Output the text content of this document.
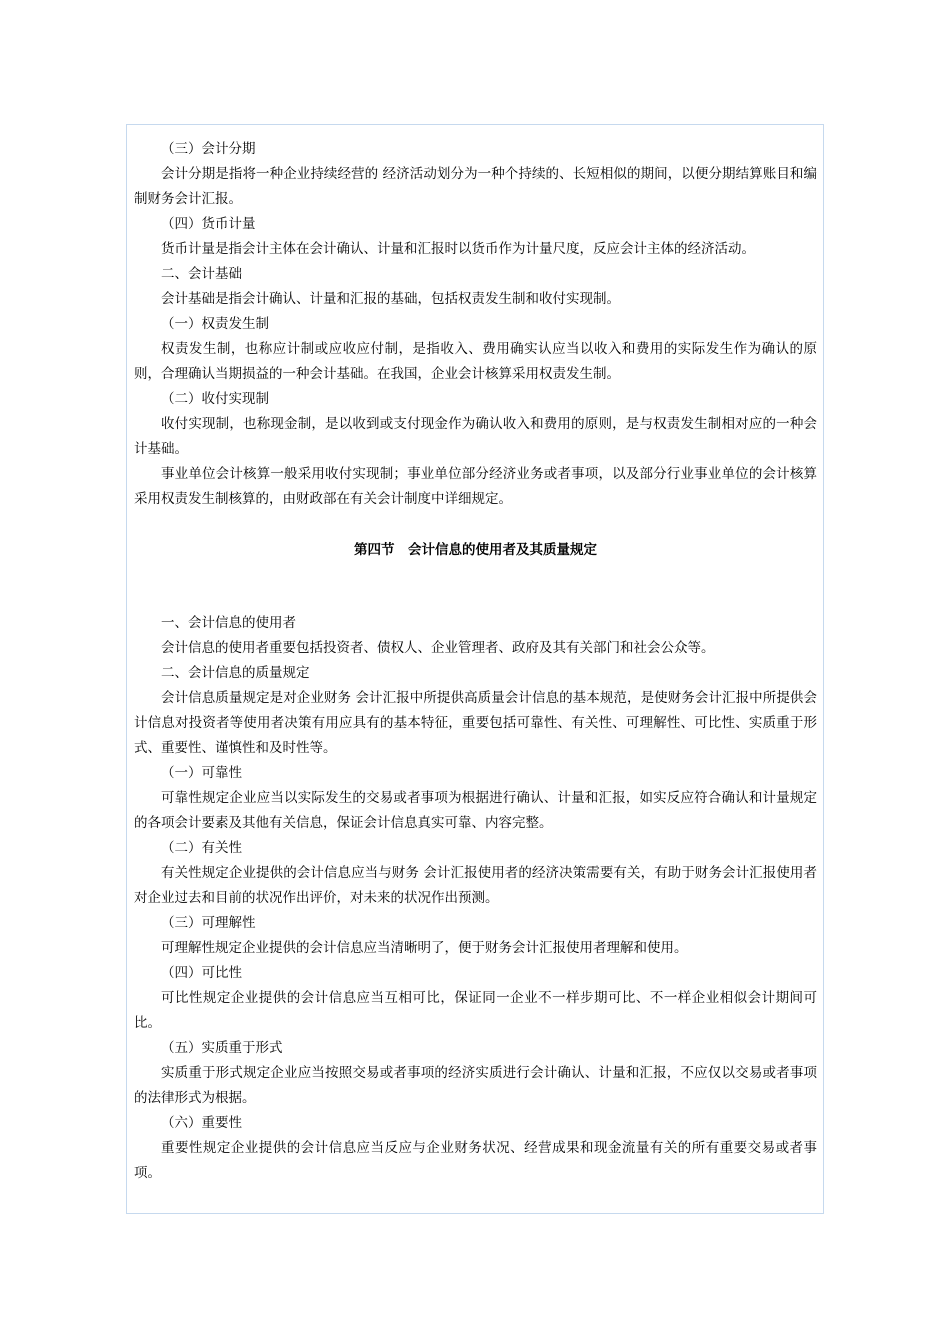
（三）会计分期

会计分期是指将一种企业持续经营的 经济活动划分为一种个持续的、长短相似的期间，以便分期结算账目和编制财务会计汇报。

（四）货币计量

货币计量是指会计主体在会计确认、计量和汇报时以货币作为计量尺度，反应会计主体的经济活动。

二、会计基础

会计基础是指会计确认、计量和汇报的基础，包括权责发生制和收付实现制。

（一）权责发生制

权责发生制，也称应计制或应收应付制，是指收入、费用确实认应当以收入和费用的实际发生作为确认的原则，合理确认当期损益的一种会计基础。在我国，企业会计核算采用权责发生制。

（二）收付实现制

收付实现制，也称现金制，是以收到或支付现金作为确认收入和费用的原则，是与权责发生制相对应的一种会计基础。

事业单位会计核算一般采用收付实现制；事业单位部分经济业务或者事项，以及部分行业事业单位的会计核算采用权责发生制核算的，由财政部在有关会计制度中详细规定。

第四节　会计信息的使用者及其质量规定

一、会计信息的使用者

会计信息的使用者重要包括投资者、债权人、企业管理者、政府及其有关部门和社会公众等。

二、会计信息的质量规定

会计信息质量规定是对企业财务 会计汇报中所提供高质量会计信息的基本规范，是使财务会计汇报中所提供会计信息对投资者等使用者决策有用应具有的基本特征，重要包括可靠性、有关性、可理解性、可比性、实质重于形式、重要性、谨慎性和及时性等。

（一）可靠性

可靠性规定企业应当以实际发生的交易或者事项为根据进行确认、计量和汇报，如实反应符合确认和计量规定的各项会计要素及其他有关信息，保证会计信息真实可靠、内容完整。

（二）有关性

有关性规定企业提供的会计信息应当与财务 会计汇报使用者的经济决策需要有关，有助于财务会计汇报使用者对企业过去和目前的状况作出评价，对未来的状况作出预测。

（三）可理解性

可理解性规定企业提供的会计信息应当清晰明了，便于财务会计汇报使用者理解和使用。

（四）可比性

可比性规定企业提供的会计信息应当互相可比，保证同一企业不一样步期可比、不一样企业相似会计期间可比。

（五）实质重于形式

实质重于形式规定企业应当按照交易或者事项的经济实质进行会计确认、计量和汇报，不应仅以交易或者事项的法律形式为根据。

（六）重要性

重要性规定企业提供的会计信息应当反应与企业财务状况、经营成果和现金流量有关的所有重要交易或者事项。
